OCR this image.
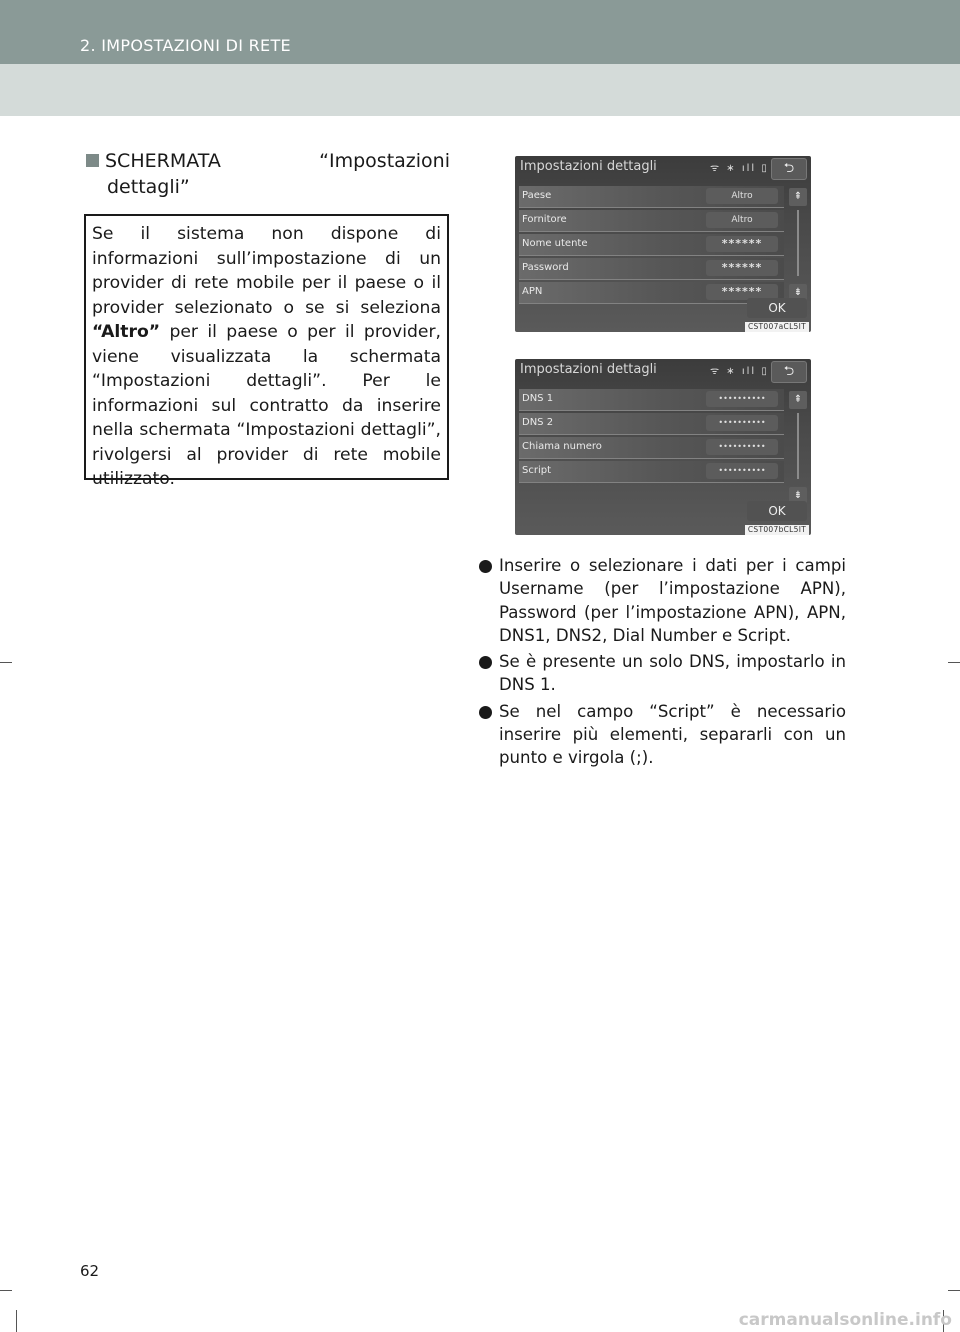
2. IMPOSTAZIONI DI RETE
SCHERMATA	“Impostazioni
dettagli”

Se il sistema non dispone di informazioni sull’impostazione di un provider di rete mobile per il paese o il provider selezionato o se si seleziona “Altro” per il paese o per il provider, viene visualizzata la schermata “Impostazioni dettagli”. Per le informazioni sul contratto da inserire nella schermata “Impostazioni dettagli”, rivolgersi al provider di rete mobile utilizzato.

Impostazioni dettagli	ᯤ ∗ ıll ▯	⮌
Paese	Altro
Fornitore	Altro
Nome utente	******
Password	******
APN	******
⇞
⇟
OK
CST007aCL5IT
Impostazioni dettagli	ᯤ ∗ ıll ▯	⮌
DNS 1	••••••••••
DNS 2	••••••••••
Chiama numero	••••••••••
Script	••••••••••
⇞
⇟
OK
CST007bCL5IT
Inserire o selezionare i dati per i campi Username (per l’impostazione APN), Password (per l’impostazione APN), APN, DNS1, DNS2, Dial Number e Script.
Se è presente un solo DNS, impostarlo in DNS 1.
Se nel campo “Script” è necessario inserire più elementi, separarli con un punto e virgola (;).
62
carmanualsonline.info
